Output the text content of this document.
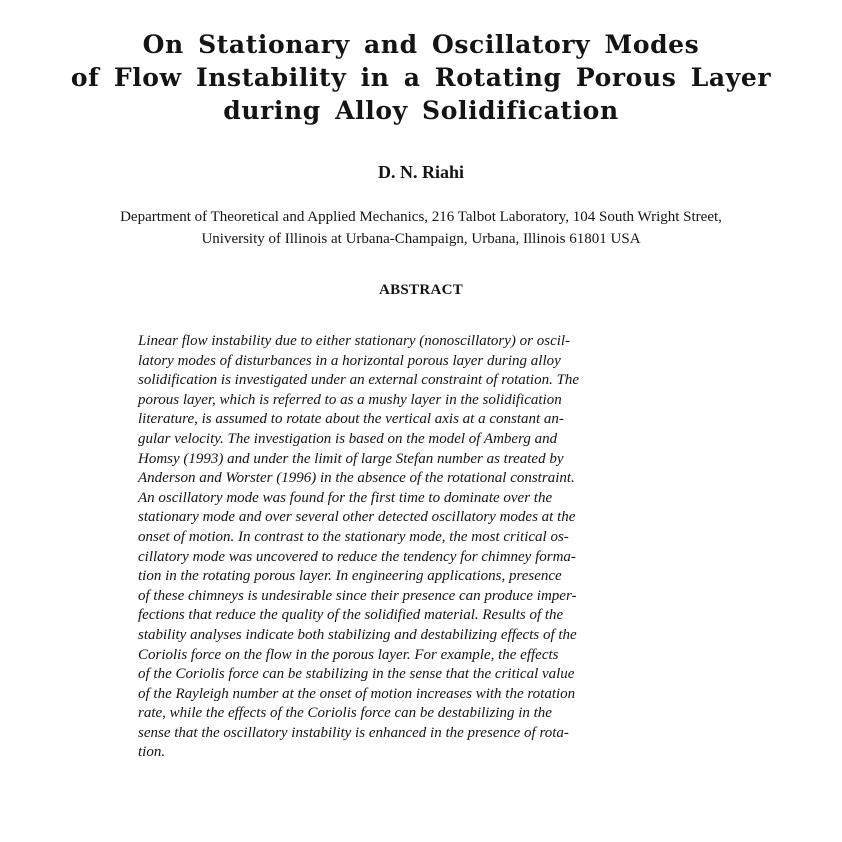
On Stationary and Oscillatory Modes
of Flow Instability in a Rotating Porous Layer
during Alloy Solidification
D. N. Riahi
Department of Theoretical and Applied Mechanics, 216 Talbot Laboratory, 104 South Wright Street,
University of Illinois at Urbana-Champaign, Urbana, Illinois 61801 USA
ABSTRACT
Linear flow instability due to either stationary (nonoscillatory) or oscil-
latory modes of disturbances in a horizontal porous layer during alloy
solidification is investigated under an external constraint of rotation. The
porous layer, which is referred to as a mushy layer in the solidification
literature, is assumed to rotate about the vertical axis at a constant an-
gular velocity. The investigation is based on the model of Amberg and
Homsy (1993) and under the limit of large Stefan number as treated by
Anderson and Worster (1996) in the absence of the rotational constraint.
An oscillatory mode was found for the first time to dominate over the
stationary mode and over several other detected oscillatory modes at the
onset of motion. In contrast to the stationary mode, the most critical os-
cillatory mode was uncovered to reduce the tendency for chimney forma-
tion in the rotating porous layer. In engineering applications, presence
of these chimneys is undesirable since their presence can produce imper-
fections that reduce the quality of the solidified material. Results of the
stability analyses indicate both stabilizing and destabilizing effects of the
Coriolis force on the flow in the porous layer. For example, the effects
of the Coriolis force can be stabilizing in the sense that the critical value
of the Rayleigh number at the onset of motion increases with the rotation
rate, while the effects of the Coriolis force can be destabilizing in the
sense that the oscillatory instability is enhanced in the presence of rota-
tion.
